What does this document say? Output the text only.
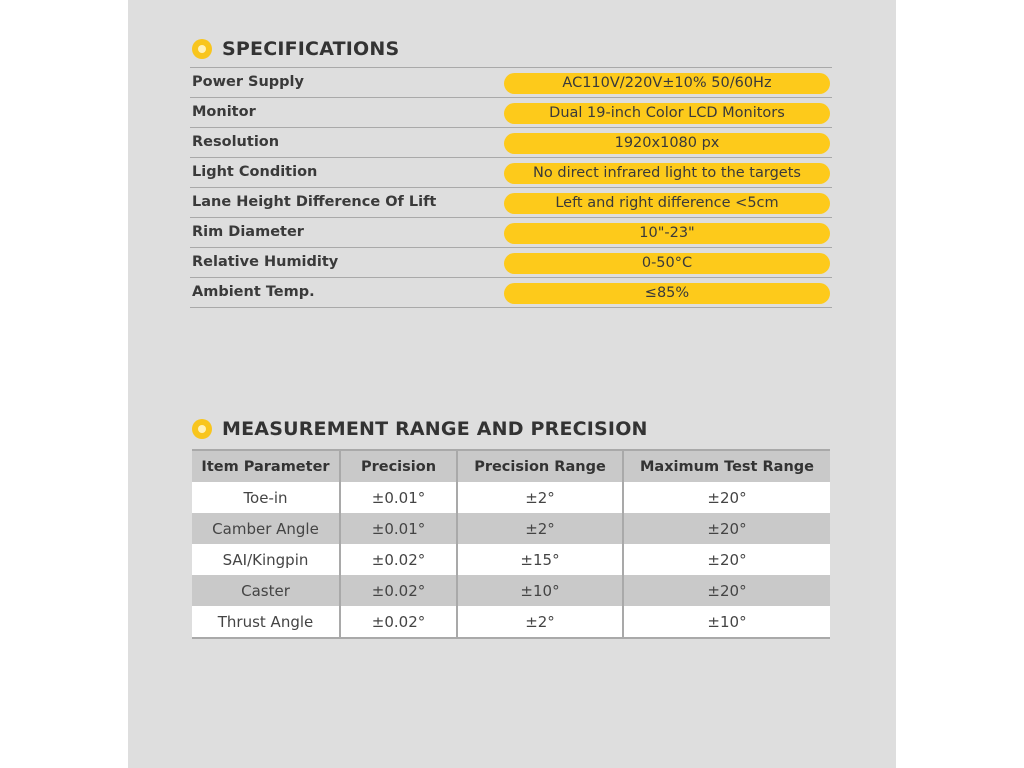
SPECIFICATIONS
Power Supply	AC110V/220V±10% 50/60Hz
Monitor	Dual 19-inch Color LCD Monitors
Resolution	1920x1080 px
Light Condition	No direct infrared light to the targets
Lane Height Difference Of Lift	Left and right difference <5cm
Rim Diameter	10"-23"
Relative Humidity	0-50°C
Ambient Temp.	≤85%
MEASUREMENT RANGE AND PRECISION
Item Parameter	Precision	Precision Range	Maximum Test Range
Toe-in	±0.01°	±2°	±20°
Camber Angle	±0.01°	±2°	±20°
SAI/Kingpin	±0.02°	±15°	±20°
Caster	±0.02°	±10°	±20°
Thrust Angle	±0.02°	±2°	±10°
